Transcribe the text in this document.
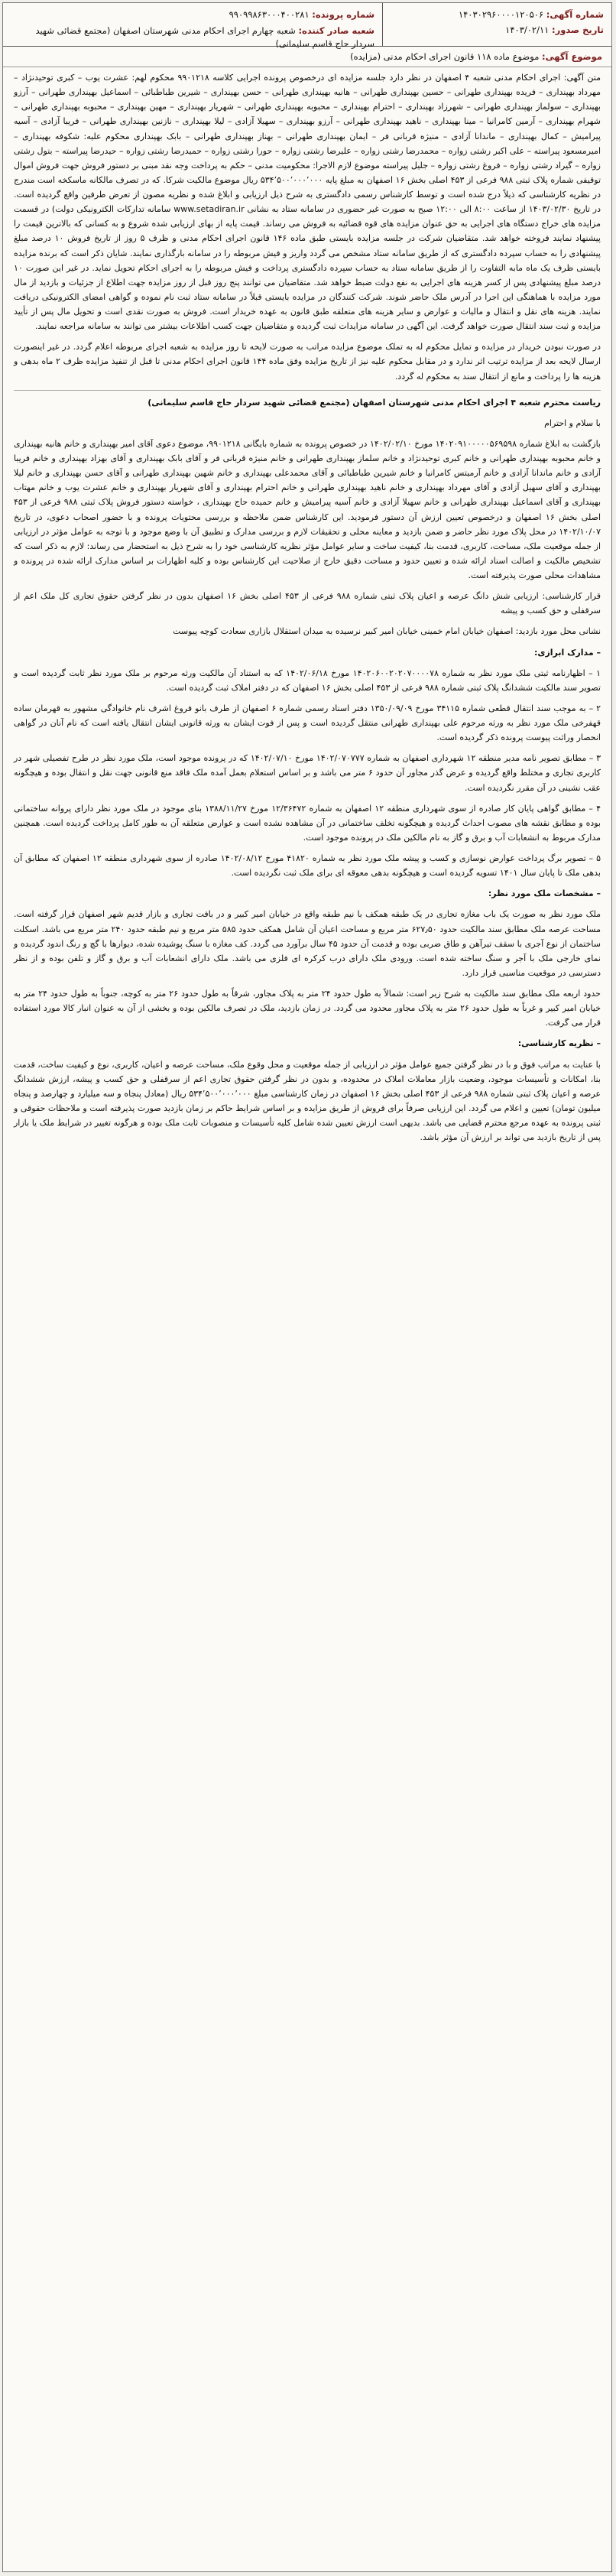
شماره آگهی: ۱۴۰۳۰۲۹۶۰۰۰۰۱۲۰۵۰۶
تاریخ صدور: ۱۴۰۳/۰۲/۱۱
شماره پرونده: ۹۹۰۹۹۸۶۳۰۰۰۴۰۰۲۸۱
شعبه صادر کننده: شعبه چهارم اجرای احکام مدنی شهرستان اصفهان (مجتمع قضائی شهید سردار حاج قاسم سلیمانی)
موضوع آگهی: موضوع ماده ۱۱۸ قانون اجرای احکام مدنی (مزایده)
متن آگهی: اجرای احکام مدنی شعبه ۴ اصفهان در نظر دارد جلسه مزایده ای درخصوص پرونده اجرایی کلاسه ۹۹۰۱۲۱۸ محکوم لهم: عشرت یوب – کبری توحیدنژاد – مهرداد بهپنداری – فریده بهپنداری طهرانی – حسین بهپنداری طهرانی – هانیه بهپنداری طهرانی – حسن بهپنداری – شیرین طباطبائی – اسماعیل بهپنداری طهرانی – آرزو بهپنداری – سولماز بهپنداری طهرانی – شهرزاد بهپنداری – احترام بهپنداری – محبوبه بهپنداری طهرانی – شهریار بهپنداری – مهین بهپنداری – محبوبه بهپنداری طهرانی – شهرام بهپنداری – آرمین کامرانیا – مینا بهپنداری – ناهید بهپنداری طهرانی – آرزو بهپنداری – سهیلا آزادی – لیلا بهپنداری – نازنین بهپنداری طهرانی – فریبا آزادی – آسیه پیرامیش – کمال بهپنداری – ماندانا آزادی – منیژه قربانی فر – ایمان بهپنداری طهرانی – بهناز بهپنداری طهرانی – بابک بهپنداری محکوم علیه: شکوفه بهپنداری – امیرمسعود پیراسته – علی اکبر رشتی زواره – محمدرضا رشتی زواره – علیرضا رشتی زواره – حورا رشتی زواره – حمیدرضا رشتی زواره – حیدرضا پیراسته – بتول رشتی زواره – گیراد رشتی زواره – فروغ رشتی زواره – جلیل پیراسته موضوع لازم الاجرا: محکومیت مدنی – حکم به پرداخت وجه نقد مبنی بر دستور فروش جهت فروش اموال توقیفی شماره پلاک ثبتی ۹۸۸ فرعی از ۴۵۳ اصلی بخش ۱۶ اصفهان به مبلغ پایه ۵۳۴٬۵۰۰٬۰۰۰٬۰۰۰ ریال موضوع مالکیت شرکا. که در تصرف مالکانه ماسکخه است مندرج در نظریه کارشناسی که ذیلاً درج شده است و توسط کارشناس رسمی دادگستری به شرح ذیل ارزیابی و ابلاغ شده و نظریه مصون از تعرض طرفین واقع گردیده است. در تاریخ ۱۴۰۳/۰۲/۳۰ از ساعت ۸:۰۰ الی ۱۲:۰۰ صبح به صورت غیر حضوری در سامانه ستاد به نشانی www.setadiran.ir سامانه تدارکات الکترونیکی دولت) در قسمت مزایده های خراج دستگاه های اجرایی به حق عنوان مزایده های قوه قضائیه به فروش می رساند. قیمت پایه از بهای ارزیابی شده شروع و به کسانی که بالاترین قیمت را پیشنهاد نمایند فروخته خواهد شد. متقاضیان شرکت در جلسه مزایده بایستی طبق ماده ۱۴۶ قانون اجرای احکام مدنی و ظرف ۵ روز از تاریخ فروش ۱۰ درصد مبلغ پیشنهادی را به حساب سپرده دادگستری که از طریق سامانه ستاد مشخص می گردد واریز و فیش مربوطه را در سامانه بارگذاری نمایند. شایان ذکر است که برنده مزایده بایستی ظرف یک ماه مابه التفاوت را از طریق سامانه ستاد به حساب سپرده دادگستری پرداخت و فیش مربوطه را به اجرای احکام تحویل نماید. در غیر این صورت ۱۰ درصد مبلغ پیشنهادی پس از کسر هزینه های اجرایی به نفع دولت ضبط خواهد شد. متقاضیان می توانند پنج روز قبل از روز مزایده جهت اطلاع از جزئیات و بازدید از مال مورد مزایده با هماهنگی این اجرا در آدرس ملک حاضر شوند. شرکت کنندگان در مزایده بایستی قبلاً در سامانه ستاد ثبت نام نموده و گواهی امضای الکترونیکی دریافت نمایند. هزینه های نقل و انتقال و مالیات و عوارض و سایر هزینه های متعلقه طبق قانون به عهده خریدار است. فروش به صورت نقدی است و تحویل مال پس از تأیید مزایده و ثبت سند انتقال صورت خواهد گرفت. این آگهی در سامانه مزایدات ثبت گردیده و متقاضیان جهت کسب اطلاعات بیشتر می توانند به سامانه مراجعه نمایند.
در صورت نبودن خریدار در مزایده و تمایل محکوم له به تملک موضوع مزایده مراتب به صورت لایحه تا روز مزایده به شعبه اجرای مربوطه اعلام گردد. در غیر اینصورت ارسال لایحه بعد از مزایده ترتیب اثر ندارد و در مقابل محکوم علیه نیز از تاریخ مزایده وفق ماده ۱۴۴ قانون اجرای احکام مدنی تا قبل از تنفیذ مزایده ظرف ۲ ماه بدهی و هزینه ها را پرداخت و مانع از انتقال سند به محکوم له گردد.
ریاست محترم شعبه ۴ اجرای احکام مدنی شهرستان اصفهان (مجتمع قضائی شهید سردار حاج قاسم سلیمانی)
با سلام و احترام
بازگشت به ابلاغ شماره ۱۴۰۲۰۹۱۰۰۰۰۰۵۶۹۵۹۸ مورخ ۱۴۰۲/۰۲/۱۰ در خصوص پرونده به شماره بایگانی ۹۹۰۱۲۱۸، موضوع دعوی آقای امیر بهپنداری و خانم هانیه بهپنداری و خانم محبوبه بهپنداری طهرانی و خانم کبری توحیدنژاد و خانم سلماز بهپنداری طهرانی و خانم منیژه قربانی فر و آقای بابک بهپنداری و آقای بهزاد بهپنداری و خانم فریبا آزادی و خانم ماندانا آزادی و خانم آرمیتس کامرانیا و خانم شیرین طباطبائی و آقای محمدعلی بهپنداری و خانم شهین بهپنداری طهرانی و آقای حسن بهپنداری و خانم لیلا بهپنداری و آقای سهیل آزادی و آقای مهرداد بهپنداری و خانم ناهید بهپنداری طهرانی و خانم احترام بهپنداری و آقای شهریار بهپنداری و خانم عشرت یوب و خانم مهتاب بهپنداری و آقای اسماعیل بهپنداری طهرانی و خانم سهیلا آزادی و خانم آسیه پیرامیش و خانم حمیده حاج بهپنداری ، خواسته دستور فروش پلاک ثبتی ۹۸۸ فرعی از ۴۵۳ اصلی بخش ۱۶ اصفهان و درخصوص تعیین ارزش آن دستور فرمودید. این کارشناس ضمن ملاحظه و بررسی محتویات پرونده و با حضور اصحاب دعوی، در تاریخ ۱۴۰۲/۱۰/۰۷ در محل پلاک مورد نظر حاضر و ضمن بازدید و معاینه محلی و تحقیقات لازم و بررسی مدارک و تطبیق آن با وضع موجود و با توجه به عوامل مؤثر در ارزیابی از جمله موقعیت ملک، مساحت، کاربری، قدمت بنا، کیفیت ساخت و سایر عوامل مؤثر نظریه کارشناسی خود را به شرح ذیل به استحضار می رساند: لازم به ذکر است که تشخیص مالکیت و اصالت اسناد ارائه شده و تعیین حدود و مساحت دقیق خارج از صلاحیت این کارشناس بوده و کلیه اظهارات بر اساس مدارک ارائه شده در پرونده و مشاهدات محلی صورت پذیرفته است.
قرار کارشناسی: ارزیابی شش دانگ عرصه و اعیان پلاک ثبتی شماره ۹۸۸ فرعی از ۴۵۳ اصلی بخش ۱۶ اصفهان بدون در نظر گرفتن حقوق تجاری کل ملک اعم از سرقفلی و حق کسب و پیشه
نشانی محل مورد بازدید: اصفهان خیابان امام خمینی خیابان امیر کبیر نرسیده به میدان استقلال بازاری سعادت کوچه پیوست
– مدارک ابرازی:
۱ – اظهارنامه ثبتی ملک مورد نظر به شماره ۱۴۰۲۰۶۰۰۲۰۲۰۷۰۰۰۰۷۸ مورخ ۱۴۰۲/۰۶/۱۸ که به استناد آن مالکیت ورثه مرحوم بر ملک مورد نظر ثابت گردیده است و تصویر سند مالکیت ششدانگ پلاک ثبتی شماره ۹۸۸ فرعی از ۴۵۳ اصلی بخش ۱۶ اصفهان که در دفتر املاک ثبت گردیده است.
۲ – به موجب سند انتقال قطعی شماره ۳۴۱۱۵ مورخ ۱۳۵۰/۰۹/۰۹ دفتر اسناد رسمی شماره ۶ اصفهان از طرف بانو فروغ اشرف نام خانوادگی مشهور به قهرمان ساده قهفرخی ملک مورد نظر به ورثه مرحوم علی بهپنداری طهرانی منتقل گردیده است و پس از فوت ایشان به ورثه قانونی ایشان انتقال یافته است که نام آنان در گواهی انحصار وراثت پیوست پرونده ذکر گردیده است.
۳ – مطابق تصویر نامه مدیر منطقه ۱۲ شهرداری اصفهان به شماره ۱۴۰۲/۰۷۰۷۷۷ مورخ ۱۴۰۲/۰۷/۱۰ که در پرونده موجود است، ملک مورد نظر در طرح تفصیلی شهر در کاربری تجاری و مختلط واقع گردیده و عرض گذر مجاور آن حدود ۶ متر می باشد و بر اساس استعلام بعمل آمده ملک فاقد منع قانونی جهت نقل و انتقال بوده و هیچگونه عقب نشینی در آن مقرر نگردیده است.
۴ – مطابق گواهی پایان کار صادره از سوی شهرداری منطقه ۱۲ اصفهان به شماره ۱۲/۳۶۴۷۲ مورخ ۱۳۸۸/۱۱/۲۷ بنای موجود در ملک مورد نظر دارای پروانه ساختمانی بوده و مطابق نقشه های مصوب احداث گردیده و هیچگونه تخلف ساختمانی در آن مشاهده نشده است و عوارض متعلقه آن به طور کامل پرداخت گردیده است. همچنین مدارک مربوط به انشعابات آب و برق و گاز به نام مالکین ملک در پرونده موجود است.
۵ – تصویر برگ پرداخت عوارض نوسازی و کسب و پیشه ملک مورد نظر به شماره ۴۱۸۲۰ مورخ ۱۴۰۲/۰۸/۱۲ صادره از سوی شهرداری منطقه ۱۲ اصفهان که مطابق آن بدهی ملک تا پایان سال ۱۴۰۱ تسویه گردیده است و هیچگونه بدهی معوقه ای برای ملک ثبت نگردیده است.
– مشخصات ملک مورد نظر:
ملک مورد نظر به صورت یک باب مغازه تجاری در یک طبقه همکف با نیم طبقه واقع در خیابان امیر کبیر و در بافت تجاری و بازار قدیم شهر اصفهان قرار گرفته است. مساحت عرصه ملک مطابق سند مالکیت حدود ۶۲۷٫۵۰ متر مربع و مساحت اعیان آن شامل همکف حدود ۵۸۵ متر مربع و نیم طبقه حدود ۲۴۰ متر مربع می باشد. اسکلت ساختمان از نوع آجری با سقف تیرآهن و طاق ضربی بوده و قدمت آن حدود ۴۵ سال برآورد می گردد. کف مغازه با سنگ پوشیده شده، دیوارها با گچ و رنگ اندود گردیده و نمای خارجی ملک با آجر و سنگ ساخته شده است. ورودی ملک دارای درب کرکره ای فلزی می باشد. ملک دارای انشعابات آب و برق و گاز و تلفن بوده و از نظر دسترسی در موقعیت مناسبی قرار دارد.
حدود اربعه ملک مطابق سند مالکیت به شرح زیر است: شمالاً به طول حدود ۲۴ متر به پلاک مجاور، شرقاً به طول حدود ۲۶ متر به کوچه، جنوباً به طول حدود ۲۴ متر به خیابان امیر کبیر و غرباً به طول حدود ۲۶ متر به پلاک مجاور محدود می گردد. در زمان بازدید، ملک در تصرف مالکین بوده و بخشی از آن به عنوان انبار کالا مورد استفاده قرار می گرفت.
– نظریه کارشناسی:
با عنایت به مراتب فوق و با در نظر گرفتن جمیع عوامل مؤثر در ارزیابی از جمله موقعیت و محل وقوع ملک، مساحت عرصه و اعیان، کاربری، نوع و کیفیت ساخت، قدمت بنا، امکانات و تأسیسات موجود، وضعیت بازار معاملات املاک در محدوده، و بدون در نظر گرفتن حقوق تجاری اعم از سرقفلی و حق کسب و پیشه، ارزش ششدانگ عرصه و اعیان پلاک ثبتی شماره ۹۸۸ فرعی از ۴۵۳ اصلی بخش ۱۶ اصفهان در زمان کارشناسی مبلغ ۵۳۴٬۵۰۰٬۰۰۰٬۰۰۰ ریال (معادل پنجاه و سه میلیارد و چهارصد و پنجاه میلیون تومان) تعیین و اعلام می گردد. این ارزیابی صرفاً برای فروش از طریق مزایده و بر اساس شرایط حاکم بر زمان بازدید صورت پذیرفته است و ملاحظات حقوقی و ثبتی پرونده به عهده مرجع محترم قضایی می باشد. بدیهی است ارزش تعیین شده شامل کلیه تأسیسات و منصوبات ثابت ملک بوده و هرگونه تغییر در شرایط ملک یا بازار پس از تاریخ بازدید می تواند بر ارزش آن مؤثر باشد.
